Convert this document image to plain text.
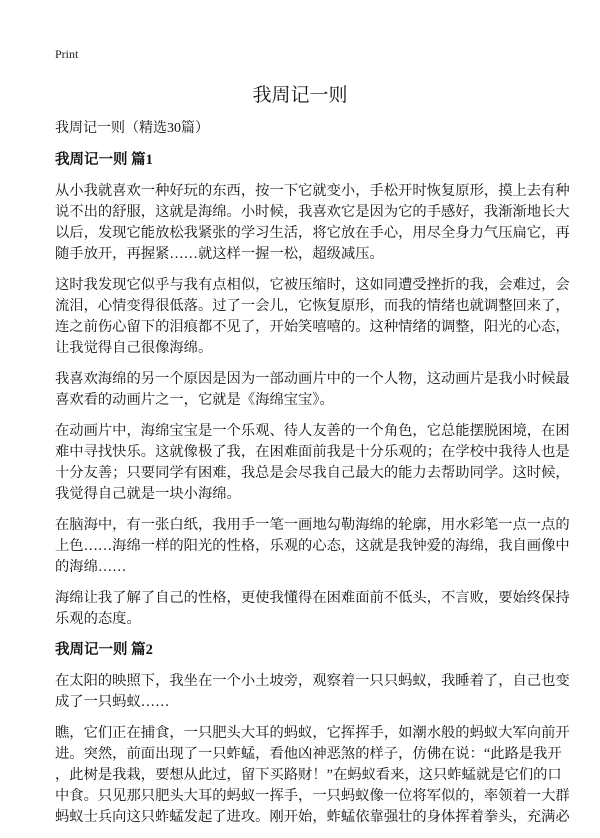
Print
我周记一则
我周记一则（精选30篇）
我周记一则 篇1
从小我就喜欢一种好玩的东西，按一下它就变小，手松开时恢复原形，摸上去有种
说不出的舒服，这就是海绵。小时候，我喜欢它是因为它的手感好，我渐渐地长大
以后，发现它能放松我紧张的学习生活，将它放在手心，用尽全身力气压扁它，再
随手放开，再握紧……就这样一握一松，超级减压。
这时我发现它似乎与我有点相似，它被压缩时，这如同遭受挫折的我，会难过，会
流泪，心情变得很低落。过了一会儿，它恢复原形，而我的情绪也就调整回来了，
连之前伤心留下的泪痕都不见了，开始笑嘻嘻的。这种情绪的调整，阳光的心态，
让我觉得自己很像海绵。
我喜欢海绵的另一个原因是因为一部动画片中的一个人物，这动画片是我小时候最
喜欢看的动画片之一，它就是《海绵宝宝》。
在动画片中，海绵宝宝是一个乐观、待人友善的一个角色，它总能摆脱困境，在困
难中寻找快乐。这就像极了我，在困难面前我是十分乐观的；在学校中我待人也是
十分友善；只要同学有困难，我总是会尽我自己最大的能力去帮助同学。这时候，
我觉得自己就是一块小海绵。
在脑海中，有一张白纸，我用手一笔一画地勾勒海绵的轮廓，用水彩笔一点一点的
上色……海绵一样的阳光的性格，乐观的心态，这就是我钟爱的海绵，我自画像中
的海绵……
海绵让我了解了自己的性格，更使我懂得在困难面前不低头，不言败，要始终保持
乐观的态度。
我周记一则 篇2
在太阳的映照下，我坐在一个小土坡旁，观察着一只只蚂蚁，我睡着了，自己也变
成了一只蚂蚁……
瞧，它们正在捕食，一只肥头大耳的蚂蚁，它挥挥手，如潮水般的蚂蚁大军向前开
进。突然，前面出现了一只蚱蜢，看他凶神恶煞的样子，仿佛在说：“此路是我开
，此树是我栽，要想从此过，留下买路财！”在蚂蚁看来，这只蚱蜢就是它们的口
中食。只见那只肥头大耳的蚂蚁一挥手，一只蚂蚁像一位将军似的，率领着一大群
蚂蚁士兵向这只蚱蜢发起了进攻。刚开始，蚱蜢依靠强壮的身体挥着拳头，充满必
